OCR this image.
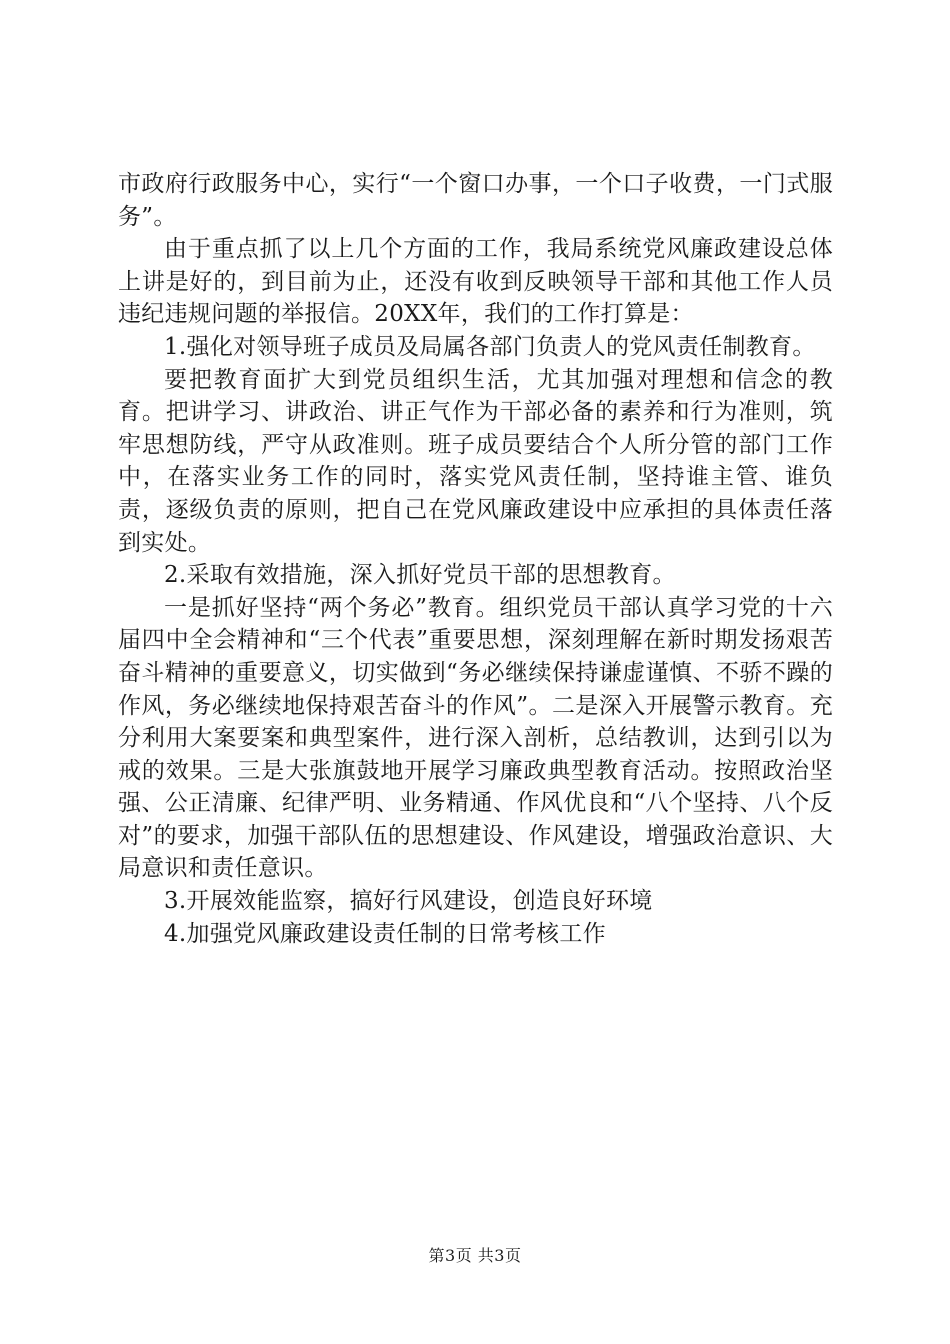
市政府行政服务中心，实行“一个窗口办事，一个口子收费，一门式服务”。

由于重点抓了以上几个方面的工作，我局系统党风廉政建设总体上讲是好的，到目前为止，还没有收到反映领导干部和其他工作人员违纪违规问题的举报信。20XX年，我们的工作打算是：

1.强化对领导班子成员及局属各部门负责人的党风责任制教育。

要把教育面扩大到党员组织生活，尤其加强对理想和信念的教育。把讲学习、讲政治、讲正气作为干部必备的素养和行为准则，筑牢思想防线，严守从政准则。班子成员要结合个人所分管的部门工作中，在落实业务工作的同时，落实党风责任制，坚持谁主管、谁负责，逐级负责的原则，把自己在党风廉政建设中应承担的具体责任落到实处。

2.采取有效措施，深入抓好党员干部的思想教育。

一是抓好坚持“两个务必”教育。组织党员干部认真学习党的十六届四中全会精神和“三个代表”重要思想，深刻理解在新时期发扬艰苦奋斗精神的重要意义，切实做到“务必继续保持谦虚谨慎、不骄不躁的作风，务必继续地保持艰苦奋斗的作风”。二是深入开展警示教育。充分利用大案要案和典型案件，进行深入剖析，总结教训，达到引以为戒的效果。三是大张旗鼓地开展学习廉政典型教育活动。按照政治坚强、公正清廉、纪律严明、业务精通、作风优良和“八个坚持、八个反对”的要求，加强干部队伍的思想建设、作风建设，增强政治意识、大局意识和责任意识。

3.开展效能监察，搞好行风建设，创造良好环境

4.加强党风廉政建设责任制的日常考核工作

第3页 共3页
